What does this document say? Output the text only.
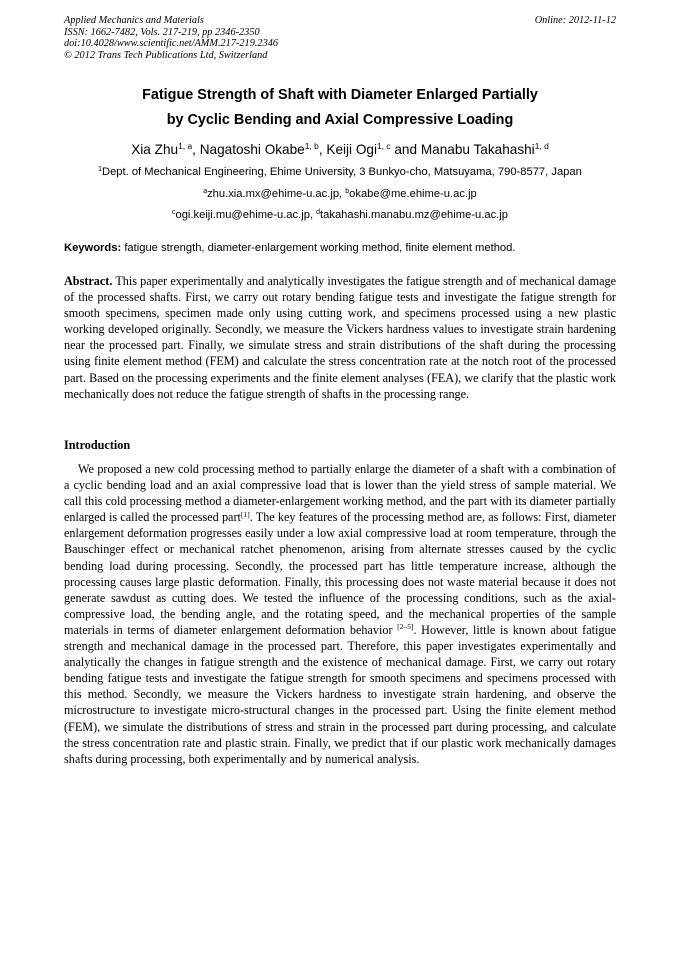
Applied Mechanics and Materials
ISSN: 1662-7482, Vols. 217-219, pp 2346-2350
doi:10.4028/www.scientific.net/AMM.217-219.2346
© 2012 Trans Tech Publications Ltd, Switzerland
Online: 2012-11-12
Fatigue Strength of Shaft with Diameter Enlarged Partially
by Cyclic Bending and Axial Compressive Loading
Xia Zhu$^{1, a}$, Nagatoshi Okabe$^{1, b}$, Keiji Ogi$^{1, c}$ and Manabu Takahashi$^{1, d}$
$^1$Dept. of Mechanical Engineering, Ehime University, 3 Bunkyo-cho, Matsuyama, 790-8577, Japan
$^a$zhu.xia.mx@ehime-u.ac.jp, $^b$okabe@me.ehime-u.ac.jp
$^c$ogi.keiji.mu@ehime-u.ac.jp, $^d$takahashi.manabu.mz@ehime-u.ac.jp
Keywords: fatigue strength, diameter-enlargement working method, finite element method.
Abstract. This paper experimentally and analytically investigates the fatigue strength and of mechanical damage of the processed shafts. First, we carry out rotary bending fatigue tests and investigate the fatigue strength for smooth specimens, specimen made only using cutting work, and specimens processed using a new plastic working developed originally. Secondly, we measure the Vickers hardness values to investigate strain hardening near the processed part. Finally, we simulate stress and strain distributions of the shaft during the processing using finite element method (FEM) and calculate the stress concentration rate at the notch root of the processed part. Based on the processing experiments and the finite element analyses (FEA), we clarify that the plastic work mechanically does not reduce the fatigue strength of shafts in the processing range.
Introduction
We proposed a new cold processing method to partially enlarge the diameter of a shaft with a combination of a cyclic bending load and an axial compressive load that is lower than the yield stress of sample material. We call this cold processing method a diameter-enlargement working method, and the part with its diameter partially enlarged is called the processed part[1]. The key features of the processing method are, as follows: First, diameter enlargement deformation progresses easily under a low axial compressive load at room temperature, through the Bauschinger effect or mechanical ratchet phenomenon, arising from alternate stresses caused by the cyclic bending load during processing. Secondly, the processed part has little temperature increase, although the processing causes large plastic deformation. Finally, this processing does not waste material because it does not generate sawdust as cutting does. We tested the influence of the processing conditions, such as the axial-compressive load, the bending angle, and the rotating speed, and the mechanical properties of the sample materials in terms of diameter enlargement deformation behavior [2–5]. However, little is known about fatigue strength and mechanical damage in the processed part. Therefore, this paper investigates experimentally and analytically the changes in fatigue strength and the existence of mechanical damage. First, we carry out rotary bending fatigue tests and investigate the fatigue strength for smooth specimens and specimens processed with this method. Secondly, we measure the Vickers hardness to investigate strain hardening, and observe the microstructure to investigate micro-structural changes in the processed part. Using the finite element method (FEM), we simulate the distributions of stress and strain in the processed part during processing, and calculate the stress concentration rate and plastic strain. Finally, we predict that if our plastic work mechanically damages shafts during processing, both experimentally and by numerical analysis.
